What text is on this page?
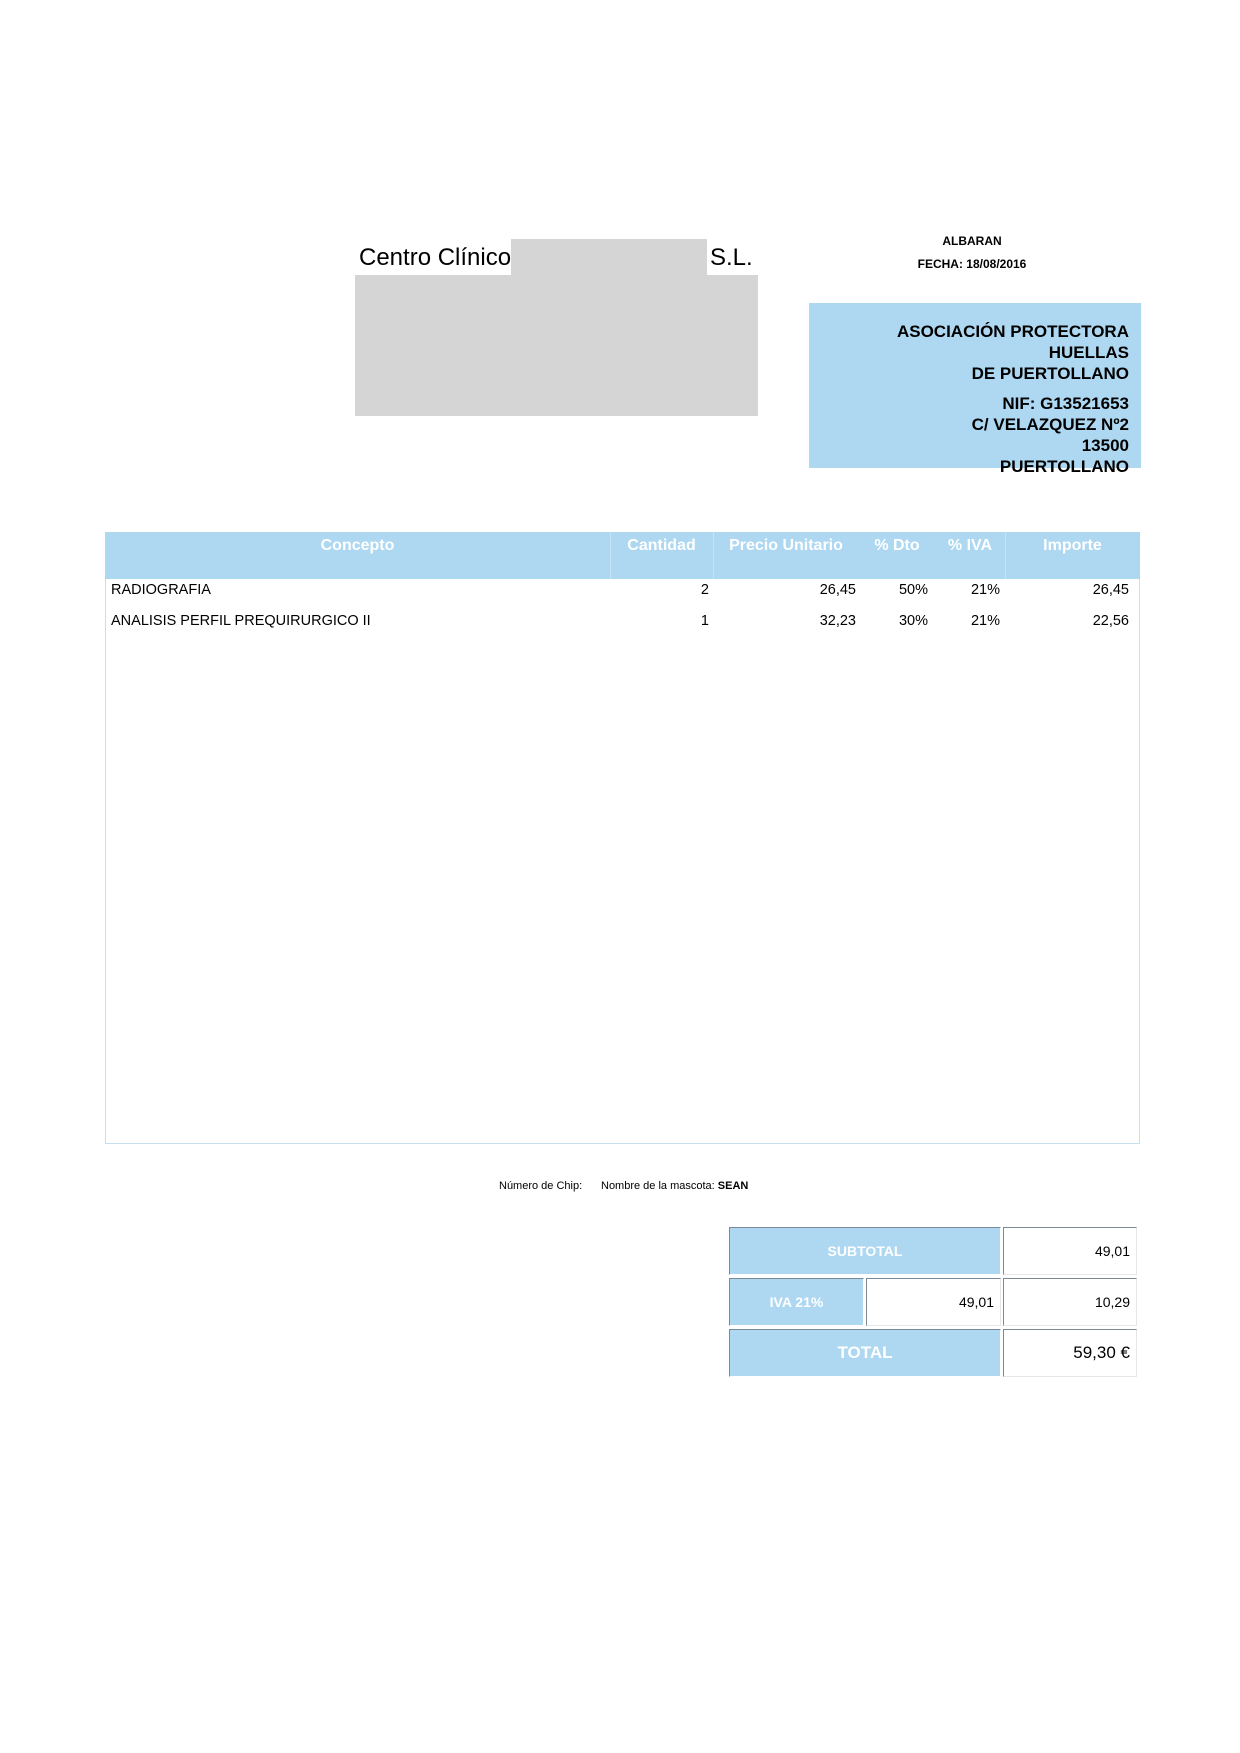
Centro Clínico	S.L.
ALBARAN
FECHA: 18/08/2016
ASOCIACIÓN PROTECTORA HUELLAS
DE PUERTOLLANO
NIF: G13521653
C/ VELAZQUEZ Nº2
13500
PUERTOLLANO
Concepto	Cantidad	Precio Unitario	% Dto	% IVA	Importe
RADIOGRAFIA	2	26,45	50%	21%	26,45
ANALISIS PERFIL PREQUIRURGICO II	1	32,23	30%	21%	22,56
Número de Chip: Nombre de la mascota: SEAN
SUBTOTAL	49,01
IVA 21%	49,01	10,29
TOTAL	59,30 €
